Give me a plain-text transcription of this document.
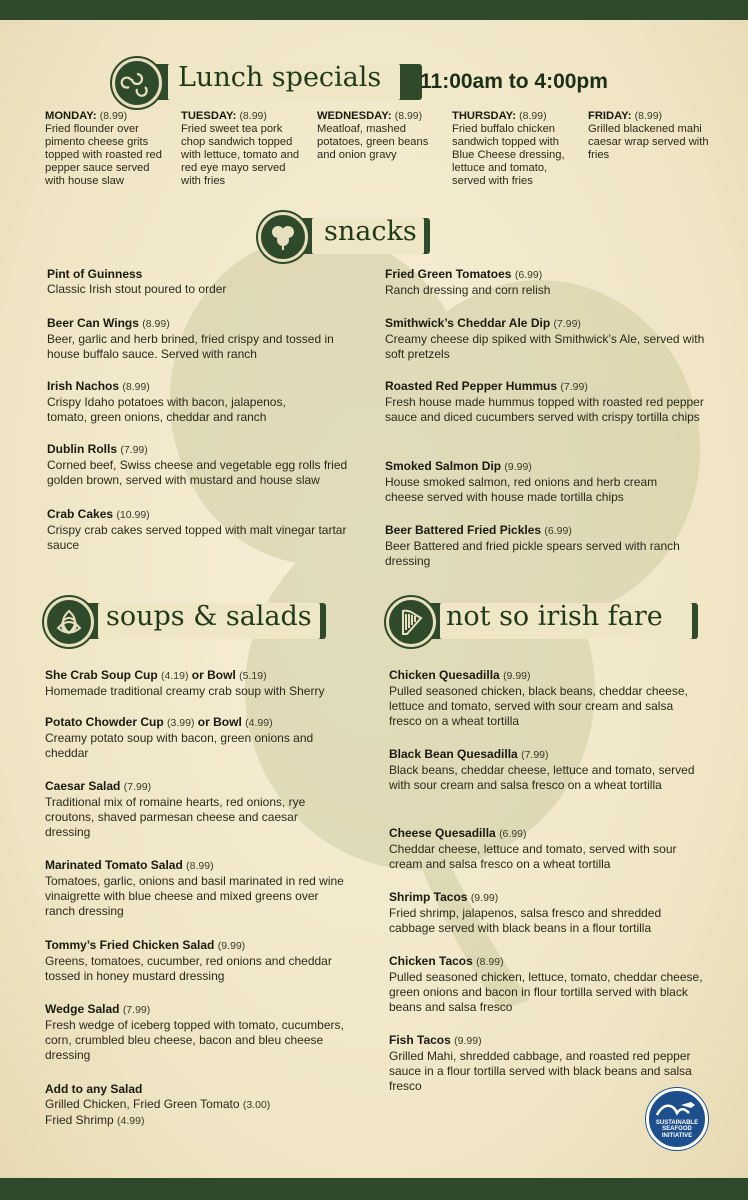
Lunch specials 11:00am to 4:00pm
MONDAY: (8.99)
Fried flounder over pimento cheese grits topped with roasted red pepper sauce served with house slaw
TUESDAY: (8.99)
Fried sweet tea pork chop sandwich topped with lettuce, tomato and red eye mayo served with fries
WEDNESDAY: (8.99)
Meatloaf, mashed potatoes, green beans and onion gravy
THURSDAY: (8.99)
Fried buffalo chicken sandwich topped with Blue Cheese dressing, lettuce and tomato, served with fries
FRIDAY: (8.99)
Grilled blackened mahi caesar wrap served with fries
snacks
Pint of Guinness
Classic Irish stout poured to order
Beer Can Wings (8.99)
Beer, garlic and herb brined, fried crispy and tossed in house buffalo sauce. Served with ranch
Irish Nachos (8.99)
Crispy Idaho potatoes with bacon, jalapenos, tomato, green onions, cheddar and ranch
Dublin Rolls (7.99)
Corned beef, Swiss cheese and vegetable egg rolls fried golden brown, served with mustard and house slaw
Crab Cakes (10.99)
Crispy crab cakes served topped with malt vinegar tartar sauce
Fried Green Tomatoes (6.99)
Ranch dressing and corn relish
Smithwick’s Cheddar Ale Dip (7.99)
Creamy cheese dip spiked with Smithwick’s Ale, served with soft pretzels
Roasted Red Pepper Hummus (7.99)
Fresh house made hummus topped with roasted red pepper sauce and diced cucumbers served with crispy tortilla chips
Smoked Salmon Dip (9.99)
House smoked salmon, red onions and herb cream cheese served with house made tortilla chips
Beer Battered Fried Pickles (6.99)
Beer Battered and fried pickle spears served with ranch dressing
soups & salads
She Crab Soup Cup (4.19) or Bowl (5.19)
Homemade traditional creamy crab soup with Sherry
Potato Chowder Cup (3.99) or Bowl (4.99)
Creamy potato soup with bacon, green onions and cheddar
Caesar Salad (7.99)
Traditional mix of romaine hearts, red onions, rye croutons, shaved parmesan cheese and caesar dressing
Marinated Tomato Salad (8.99)
Tomatoes, garlic, onions and basil marinated in red wine vinaigrette with blue cheese and mixed greens over ranch dressing
Tommy’s Fried Chicken Salad (9.99)
Greens, tomatoes, cucumber, red onions and cheddar tossed in honey mustard dressing
Wedge Salad (7.99)
Fresh wedge of iceberg topped with tomato, cucumbers, corn, crumbled bleu cheese, bacon and bleu cheese dressing
Add to any Salad
Grilled Chicken, Fried Green Tomato (3.00)
Fried Shrimp (4.99)
not so irish fare
Chicken Quesadilla (9.99)
Pulled seasoned chicken, black beans, cheddar cheese, lettuce and tomato, served with sour cream and salsa fresco on a wheat tortilla
Black Bean Quesadilla (7.99)
Black beans, cheddar cheese, lettuce and tomato, served with sour cream and salsa fresco on a wheat tortilla
Cheese Quesadilla (6.99)
Cheddar cheese, lettuce and tomato, served with sour cream and salsa fresco on a wheat tortilla
Shrimp Tacos (9.99)
Fried shrimp, jalapenos, salsa fresco and shredded cabbage served with black beans in a flour tortilla
Chicken Tacos (8.99)
Pulled seasoned chicken, lettuce, tomato, cheddar cheese, green onions and bacon in flour tortilla served with black beans and salsa fresco
Fish Tacos (9.99)
Grilled Mahi, shredded cabbage, and roasted red pepper sauce in a flour tortilla served with black beans and salsa fresco
SUSTAINABLE
SEAFOOD
INITIATIVE
